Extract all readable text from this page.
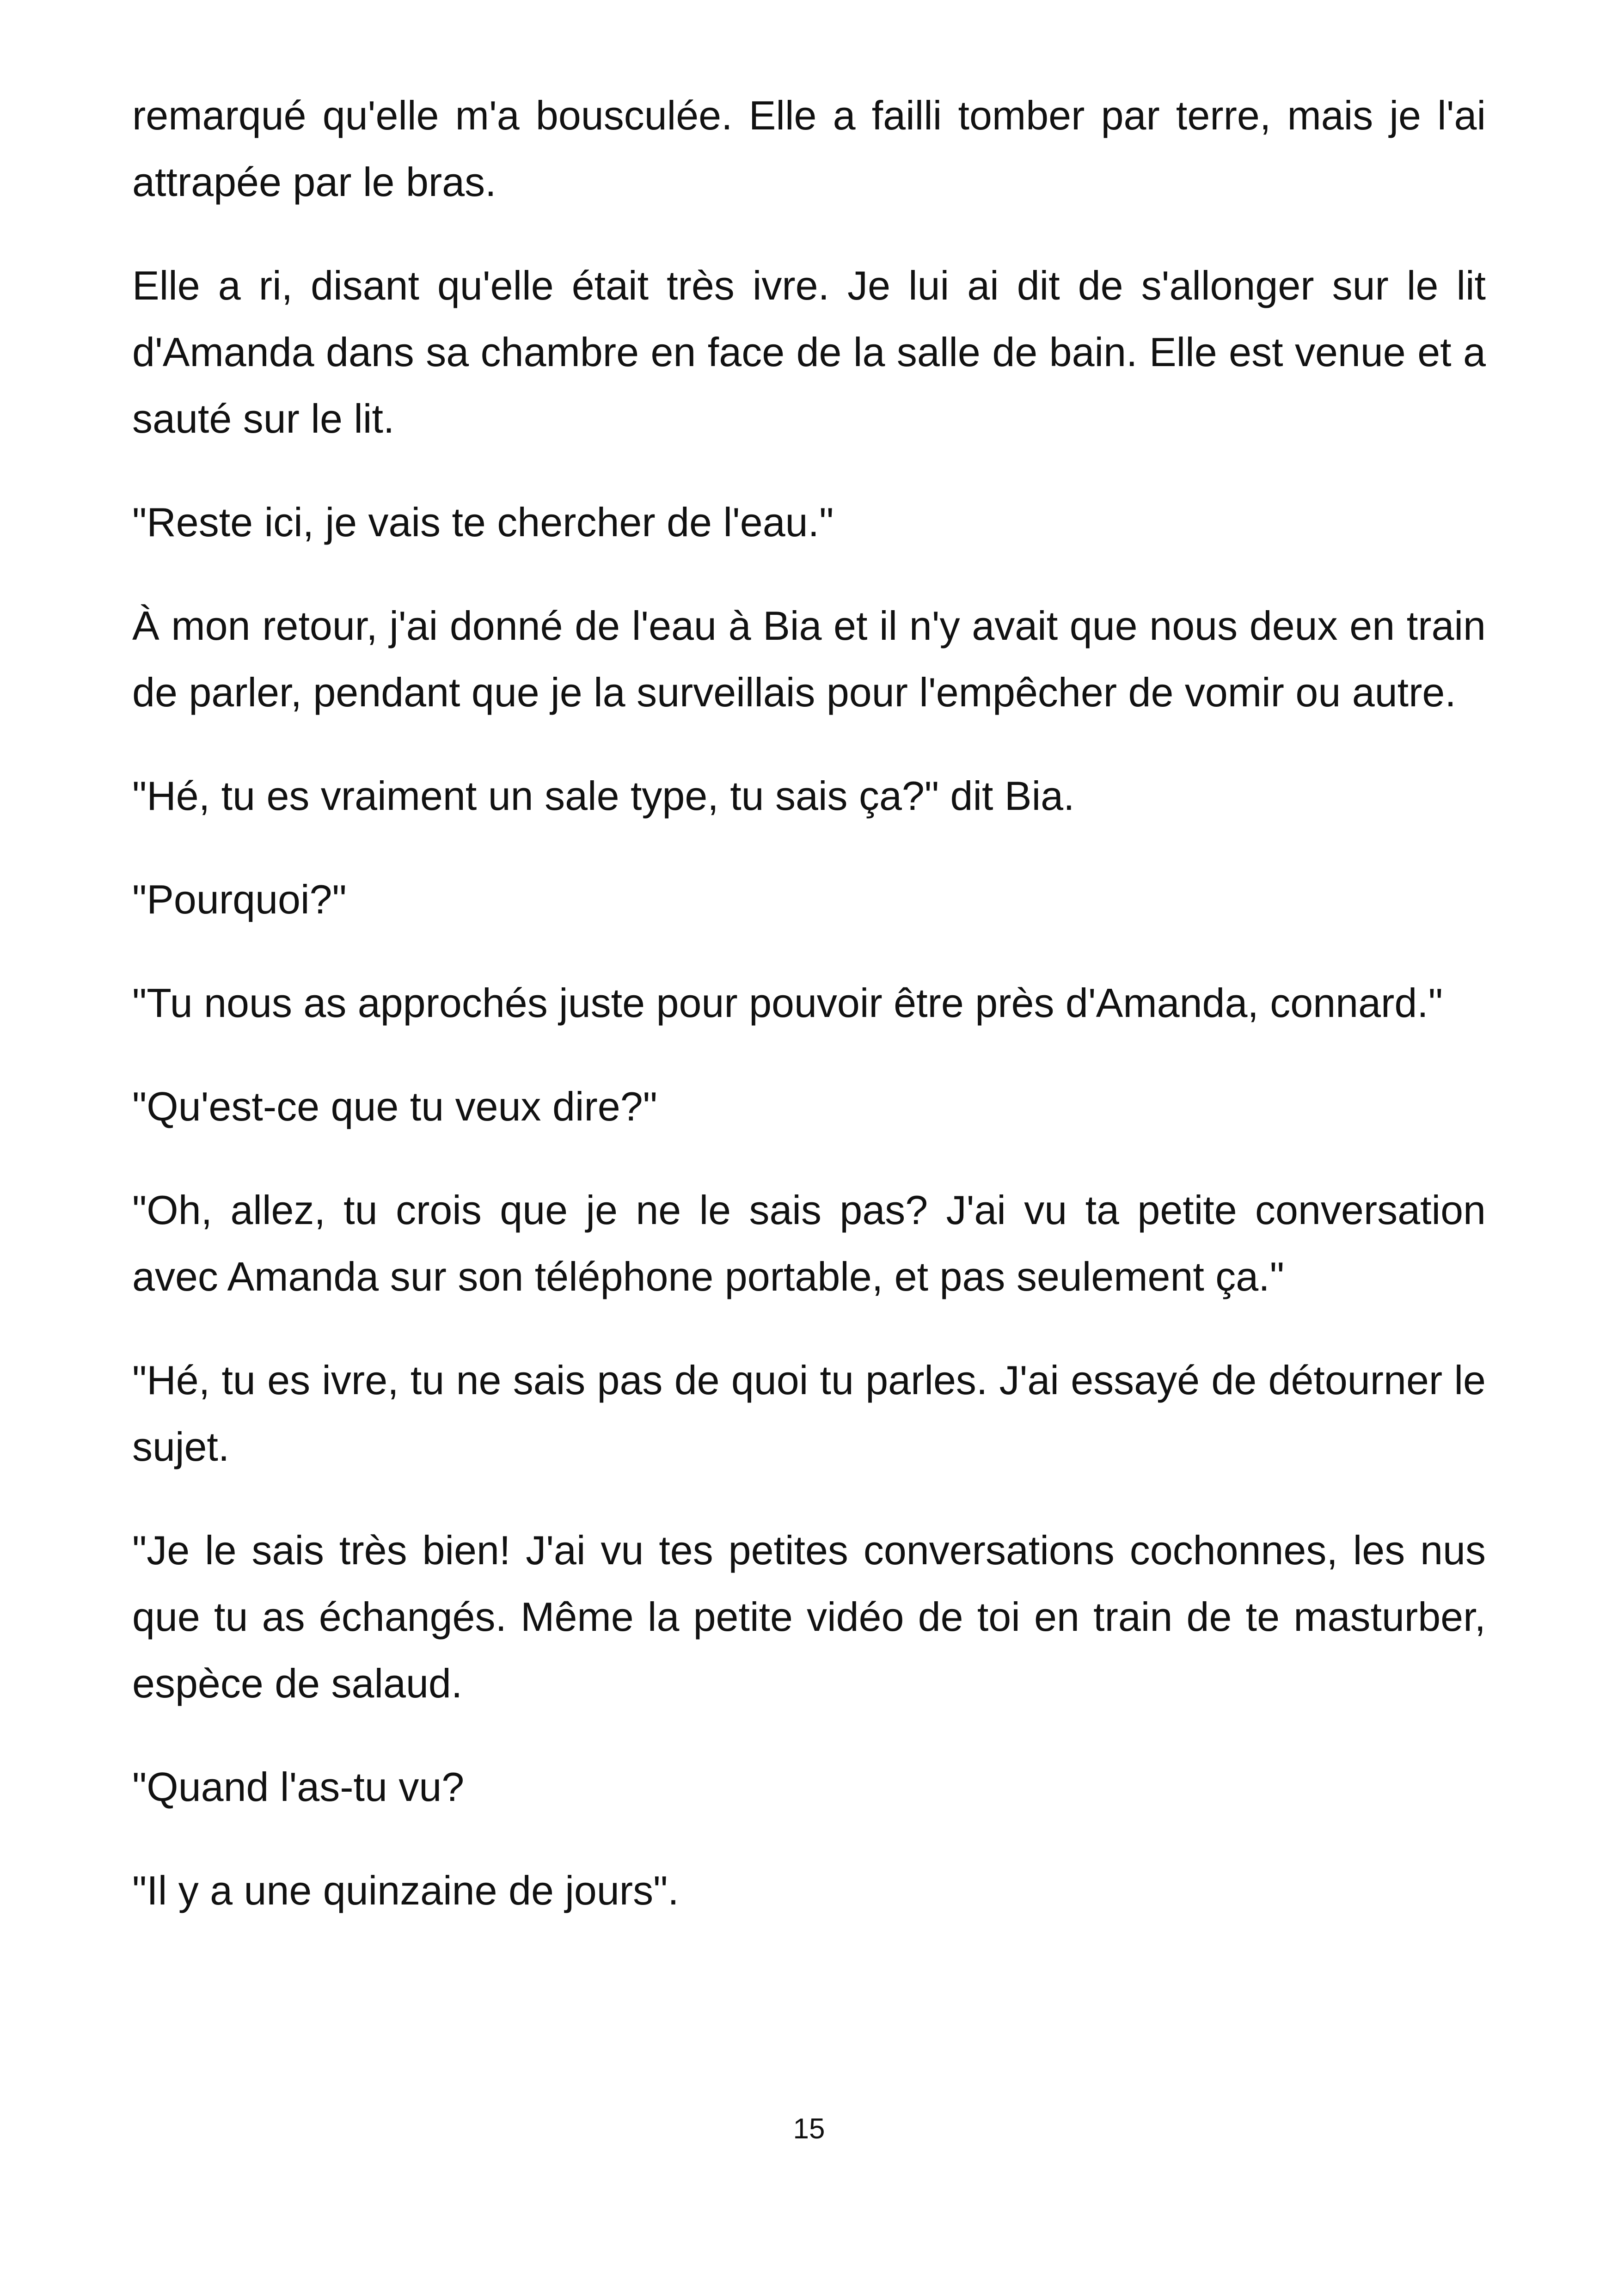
remarqué qu'elle m'a bousculée. Elle a failli tomber par terre, mais je l'ai attrapée par le bras.

Elle a ri, disant qu'elle était très ivre. Je lui ai dit de s'allonger sur le lit d'Amanda dans sa chambre en face de la salle de bain. Elle est venue et a sauté sur le lit.

"Reste ici, je vais te chercher de l'eau."

À mon retour, j'ai donné de l'eau à Bia et il n'y avait que nous deux en train de parler, pendant que je la surveillais pour l'empêcher de vomir ou autre.

"Hé, tu es vraiment un sale type, tu sais ça?" dit Bia.

"Pourquoi?"

"Tu nous as approchés juste pour pouvoir être près d'Amanda, connard."

"Qu'est-ce que tu veux dire?"

"Oh, allez, tu crois que je ne le sais pas? J'ai vu ta petite conversation avec Amanda sur son téléphone portable, et pas seulement ça."

"Hé, tu es ivre, tu ne sais pas de quoi tu parles. J'ai essayé de détourner le sujet.

"Je le sais très bien! J'ai vu tes petites conversations cochonnes, les nus que tu as échangés. Même la petite vidéo de toi en train de te masturber, espèce de salaud.

"Quand l'as-tu vu?

"Il y a une quinzaine de jours".

15
